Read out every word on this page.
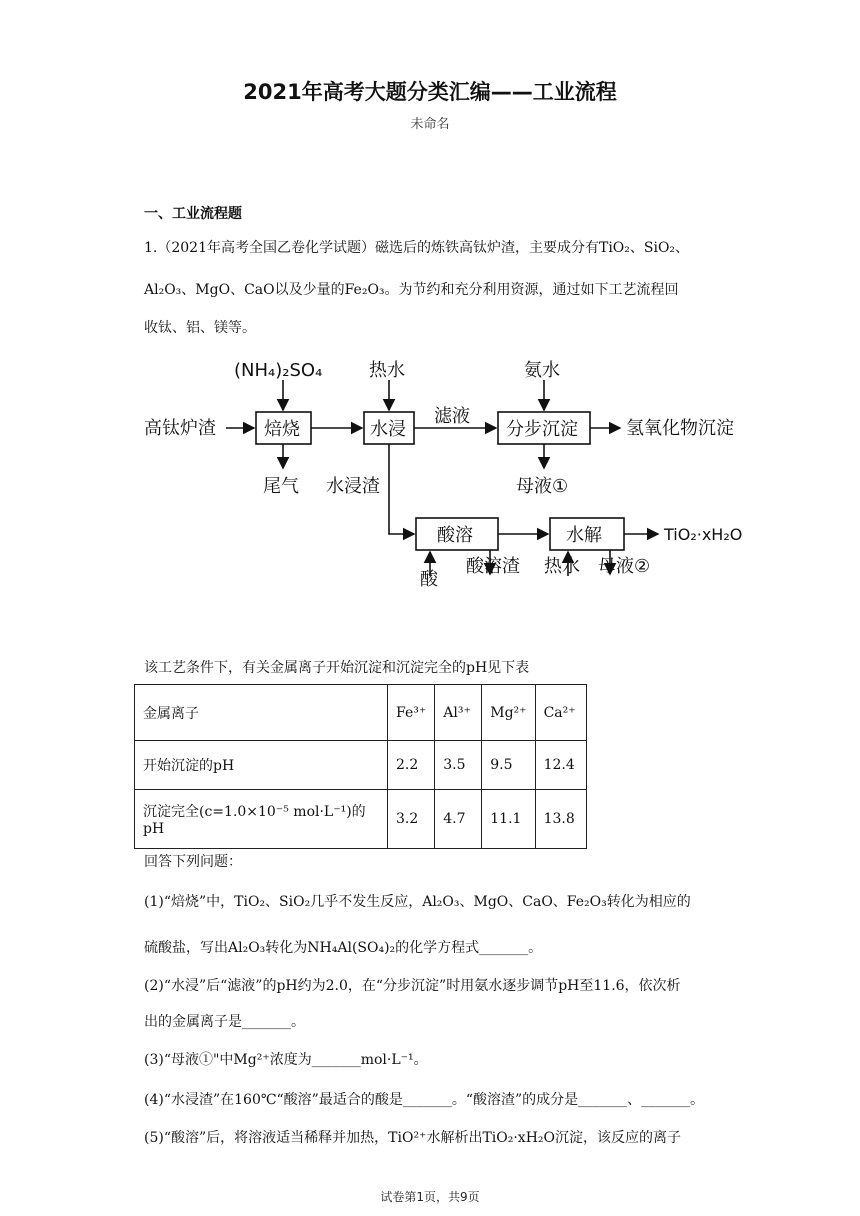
2021年高考大题分类汇编——工业流程
未命名
一、工业流程题
1.（2021年高考全国乙卷化学试题）磁选后的炼铁高钛炉渣，主要成分有TiO₂、SiO₂、
Al₂O₃、MgO、CaO以及少量的Fe₂O₃。为节约和充分利用资源，通过如下工艺流程回
收钛、铝、镁等。
高钛炉渣
(NH₄)₂SO₄
焙烧
尾气
热水
水浸
滤液
水浸渣
氨水
分步沉淀	氢氧化物沉淀
母液①
酸溶
酸
酸溶渣
水解
热水 母液②
TiO₂·xH₂O
该工艺条件下，有关金属离子开始沉淀和沉淀完全的pH见下表
金属离子	Fe³⁺	Al³⁺	Mg²⁺	Ca²⁺
开始沉淀的pH	2.2	3.5	9.5	12.4
沉淀完全(c=1.0×10⁻⁵ mol·L⁻¹)的pH	3.2	4.7	11.1	13.8
回答下列问题：
(1)“焙烧”中，TiO₂、SiO₂几乎不发生反应，Al₂O₃、MgO、CaO、Fe₂O₃转化为相应的
硫酸盐，写出Al₂O₃转化为NH₄Al(SO₄)₂的化学方程式_______。
(2)“水浸”后“滤液”的pH约为2.0，在“分步沉淀”时用氨水逐步调节pH至11.6，依次析
出的金属离子是_______。
(3)“母液①"中Mg²⁺浓度为_______mol·L⁻¹。
(4)“水浸渣”在160℃“酸溶”最适合的酸是_______。“酸溶渣”的成分是_______、_______。
(5)“酸溶”后，将溶液适当稀释并加热，TiO²⁺水解析出TiO₂·xH₂O沉淀，该反应的离子
试卷第1页，共9页
